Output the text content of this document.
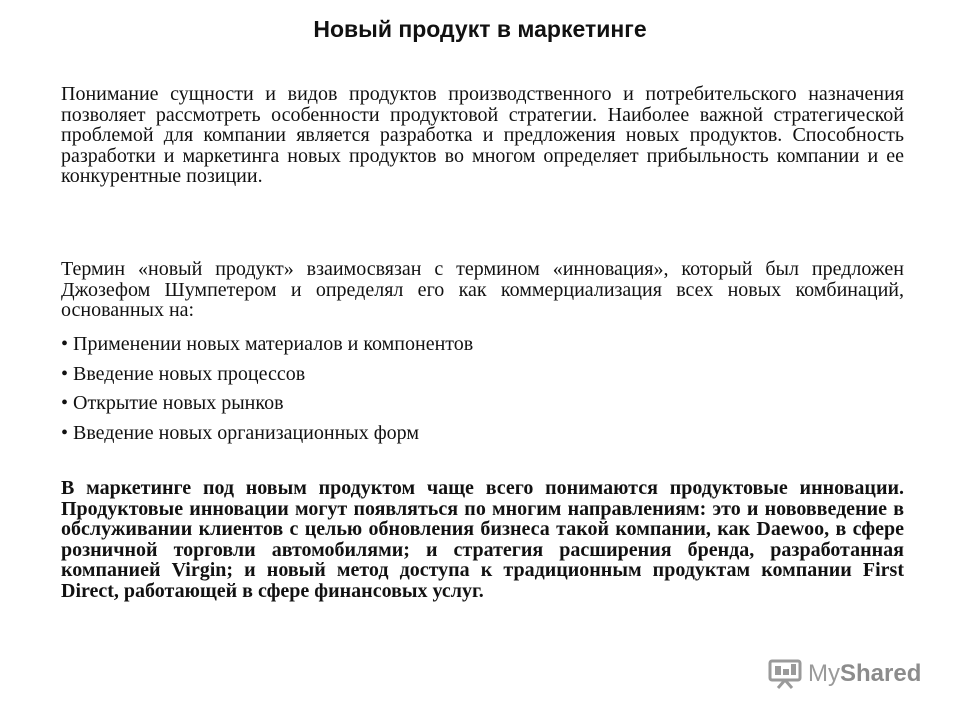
Новый продукт в маркетинге

Понимание сущности и видов продуктов производственного и потребительского назначения позволяет рассмотреть особенности продуктовой стратегии. Наиболее важной стратегической проблемой для компании является разработка и предложения новых продуктов. Способность разработки и маркетинга новых продуктов во многом определяет прибыльность компании и ее конкурентные позиции.

Термин «новый продукт» взаимосвязан с термином «инновация», который был предложен Джозефом Шумпетером и определял его как коммерциализация всех новых комбинаций, основанных на:

• Применении новых материалов и компонентов
• Введение новых процессов
• Открытие новых рынков
• Введение новых организационных форм

В маркетинге под новым продуктом чаще всего понимаются продуктовые инновации. Продуктовые инновации могут появляться по многим направлениям: это и нововведение в обслуживании клиентов с целью обновления бизнеса такой компании, как Daewoo, в сфере розничной торговли автомобилями; и стратегия расширения бренда, разработанная компанией Virgin; и новый метод доступа к традиционным продуктам компании First Direct, работающей в сфере финансовых услуг.

MyShared
